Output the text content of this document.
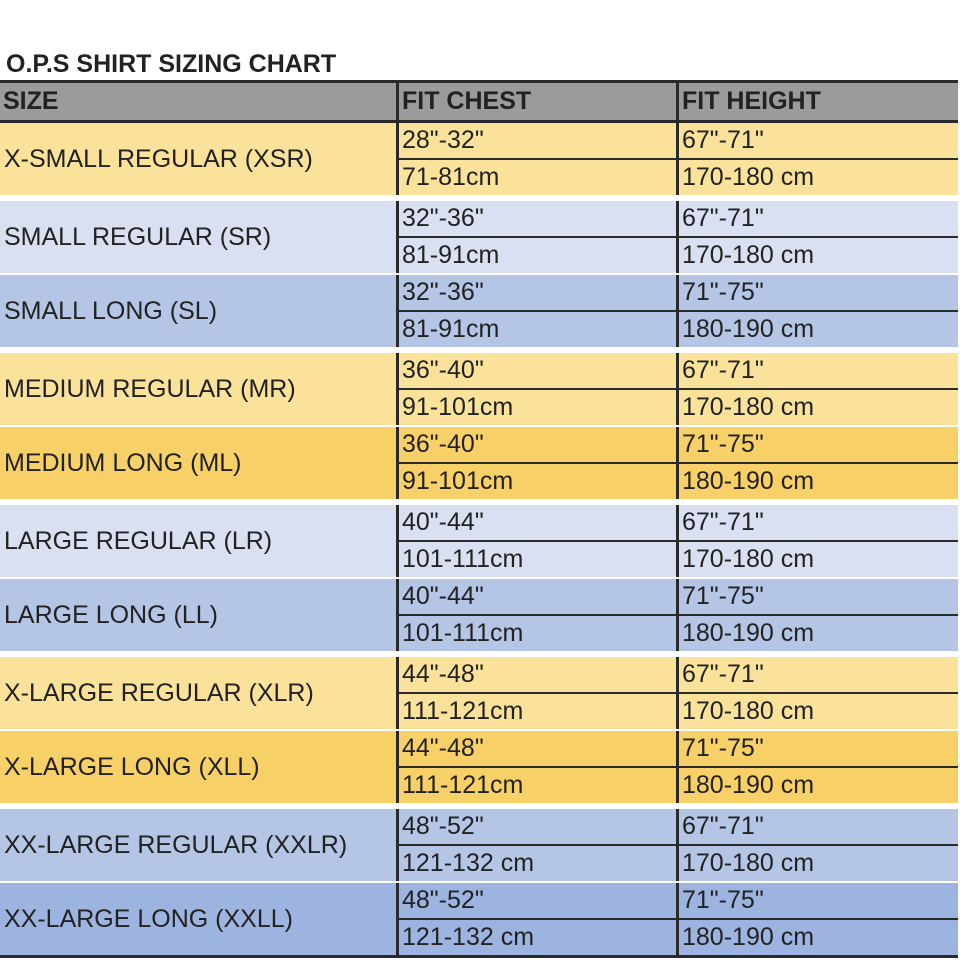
O.P.S SHIRT SIZING CHART
SIZE	FIT CHEST	FIT HEIGHT
X-SMALL REGULAR (XSR)
28"-32"
71-81cm
67"-71"
170-180 cm
SMALL REGULAR (SR)
32"-36"
81-91cm
67"-71"
170-180 cm
SMALL LONG (SL)
32"-36"
81-91cm
71"-75"
180-190 cm
MEDIUM REGULAR (MR)
36"-40"
91-101cm
67"-71"
170-180 cm
MEDIUM LONG (ML)
36"-40"
91-101cm
71"-75"
180-190 cm
LARGE REGULAR (LR)
40"-44"
101-111cm
67"-71"
170-180 cm
LARGE LONG (LL)
40"-44"
101-111cm
71"-75"
180-190 cm
X-LARGE REGULAR (XLR)
44"-48"
111-121cm
67"-71"
170-180 cm
X-LARGE LONG (XLL)
44"-48"
111-121cm
71"-75"
180-190 cm
XX-LARGE REGULAR (XXLR)
48"-52"
121-132 cm
67"-71"
170-180 cm
XX-LARGE LONG (XXLL)
48"-52"
121-132 cm
71"-75"
180-190 cm
